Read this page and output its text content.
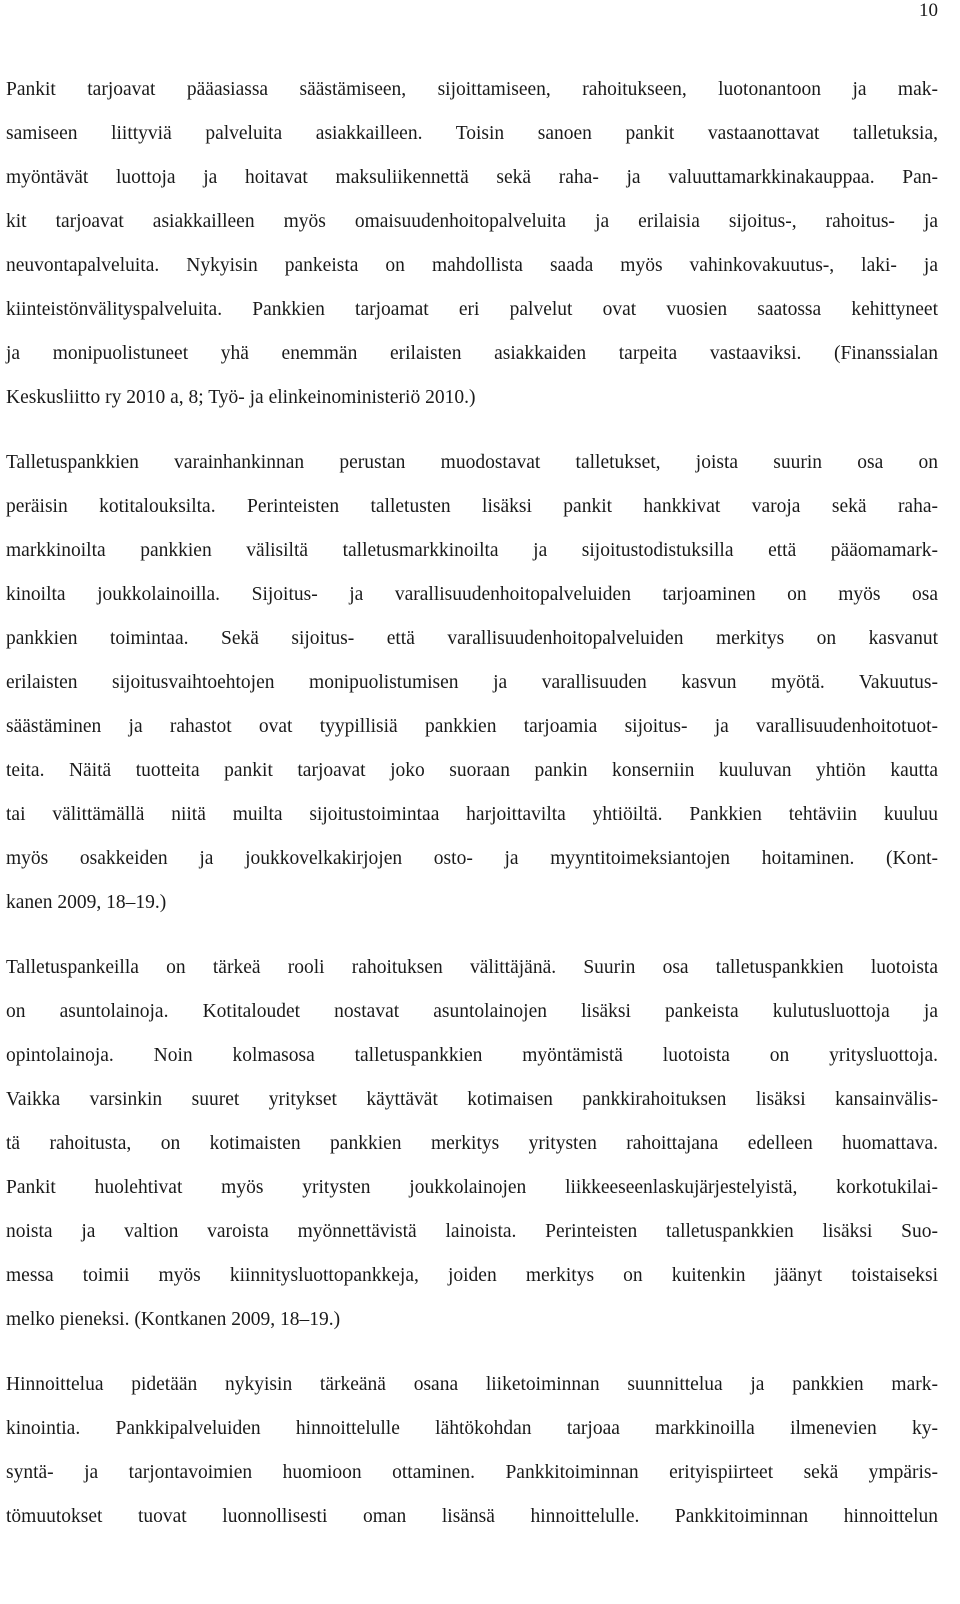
10
Pankit tarjoavat pääasiassa säästämiseen, sijoittamiseen, rahoitukseen, luotonantoon ja mak-
samiseen liittyviä palveluita asiakkailleen. Toisin sanoen pankit vastaanottavat talletuksia,
myöntävät luottoja ja hoitavat maksuliikennettä sekä raha- ja valuuttamarkkinakauppaa. Pan-
kit tarjoavat asiakkailleen myös omaisuudenhoitopalveluita ja erilaisia sijoitus-, rahoitus- ja
neuvontapalveluita. Nykyisin pankeista on mahdollista saada myös vahinkovakuutus-, laki- ja
kiinteistönvälityspalveluita. Pankkien tarjoamat eri palvelut ovat vuosien saatossa kehittyneet
ja monipuolistuneet yhä enemmän erilaisten asiakkaiden tarpeita vastaaviksi. (Finanssialan
Keskusliitto ry 2010 a, 8; Työ- ja elinkeinoministeriö 2010.)
Talletuspankkien varainhankinnan perustan muodostavat talletukset, joista suurin osa on
peräisin kotitalouksilta. Perinteisten talletusten lisäksi pankit hankkivat varoja sekä raha-
markkinoilta pankkien välisiltä talletusmarkkinoilta ja sijoitustodistuksilla että pääomamark-
kinoilta joukkolainoilla. Sijoitus- ja varallisuudenhoitopalveluiden tarjoaminen on myös osa
pankkien toimintaa. Sekä sijoitus- että varallisuudenhoitopalveluiden merkitys on kasvanut
erilaisten sijoitusvaihtoehtojen monipuolistumisen ja varallisuuden kasvun myötä. Vakuutus-
säästäminen ja rahastot ovat tyypillisiä pankkien tarjoamia sijoitus- ja varallisuudenhoitotuot-
teita. Näitä tuotteita pankit tarjoavat joko suoraan pankin konserniin kuuluvan yhtiön kautta
tai välittämällä niitä muilta sijoitustoimintaa harjoittavilta yhtiöiltä. Pankkien tehtäviin kuuluu
myös osakkeiden ja joukkovelkakirjojen osto- ja myyntitoimeksiantojen hoitaminen. (Kont-
kanen 2009, 18–19.)
Talletuspankeilla on tärkeä rooli rahoituksen välittäjänä. Suurin osa talletuspankkien luotoista
on asuntolainoja. Kotitaloudet nostavat asuntolainojen lisäksi pankeista kulutusluottoja ja
opintolainoja. Noin kolmasosa talletuspankkien myöntämistä luotoista on yritysluottoja.
Vaikka varsinkin suuret yritykset käyttävät kotimaisen pankkirahoituksen lisäksi kansainvälis-
tä rahoitusta, on kotimaisten pankkien merkitys yritysten rahoittajana edelleen huomattava.
Pankit huolehtivat myös yritysten joukkolainojen liikkeeseenlaskujärjestelyistä, korkotukilai-
noista ja valtion varoista myönnettävistä lainoista. Perinteisten talletuspankkien lisäksi Suo-
messa toimii myös kiinnitysluottopankkeja, joiden merkitys on kuitenkin jäänyt toistaiseksi
melko pieneksi. (Kontkanen 2009, 18–19.)
Hinnoittelua pidetään nykyisin tärkeänä osana liiketoiminnan suunnittelua ja pankkien mark-
kinointia. Pankkipalveluiden hinnoittelulle lähtökohdan tarjoaa markkinoilla ilmenevien ky-
syntä- ja tarjontavoimien huomioon ottaminen. Pankkitoiminnan erityispiirteet sekä ympäris-
tömuutokset tuovat luonnollisesti oman lisänsä hinnoittelulle. Pankkitoiminnan hinnoittelun
